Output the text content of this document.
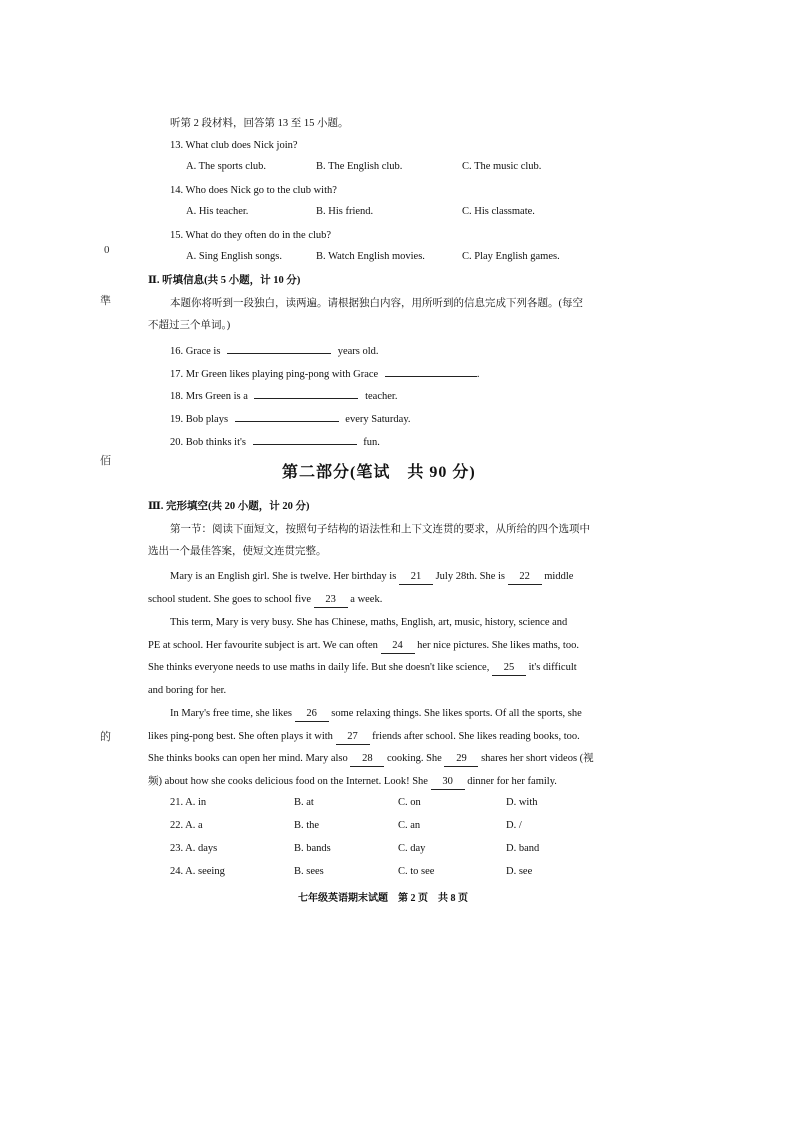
0
準
佰
的
听第 2 段材料，回答第 13 至 15 小题。
13. What club does Nick join?
A. The sports club.	B. The English club.	C. The music club.
14. Who does Nick go to the club with?
A. His teacher.	B. His friend.	C. His classmate.
15. What do they often do in the club?
A. Sing English songs.	B. Watch English movies.	C. Play English games.
Ⅱ. 听填信息(共 5 小题，计 10 分)
本题你将听到一段独白，读两遍。请根据独白内容，用所听到的信息完成下列各题。(每空
不超过三个单词。)
16. Grace is	years old.
17. Mr Green likes playing ping-pong with Grace	.
18. Mrs Green is a	teacher.
19. Bob plays	every Saturday.
20. Bob thinks it's	fun.
第二部分(笔试　共 90 分)
Ⅲ. 完形填空(共 20 小题，计 20 分)
第一节：阅读下面短文，按照句子结构的语法性和上下文连贯的要求，从所给的四个选项中
选出一个最佳答案，使短文连贯完整。
Mary is an English girl. She is twelve. Her birthday is 21 July 28th. She is 22 middle
school student. She goes to school five 23 a week.
This term, Mary is very busy. She has Chinese, maths, English, art, music, history, science and
PE at school. Her favourite subject is art. We can often 24 her nice pictures. She likes maths, too.
She thinks everyone needs to use maths in daily life. But she doesn't like science, 25 it's difficult
and boring for her.
In Mary's free time, she likes 26 some relaxing things. She likes sports. Of all the sports, she
likes ping-pong best. She often plays it with 27 friends after school. She likes reading books, too.
She thinks books can open her mind. Mary also 28 cooking. She 29 shares her short videos (视
频) about how she cooks delicious food on the Internet. Look! She 30 dinner for her family.
21. A. in	B. at	C. on	D. with
22. A. a	B. the	C. an	D. /
23. A. days	B. bands	C. day	D. band
24. A. seeing	B. sees	C. to see	D. see
七年级英语期末试题　第 2 页　共 8 页
